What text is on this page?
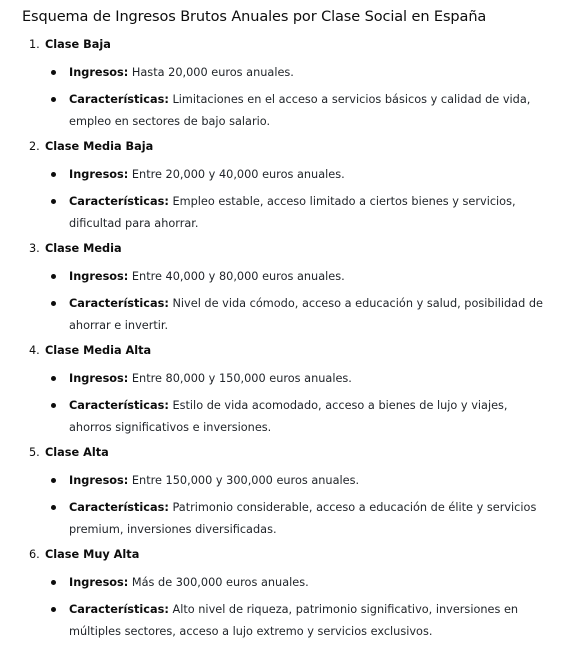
Esquema de Ingresos Brutos Anuales por Clase Social en España
1. Clase Baja
Ingresos: Hasta 20,000 euros anuales.
Características: Limitaciones en el acceso a servicios básicos y calidad de vida, empleo en sectores de bajo salario.
2. Clase Media Baja
Ingresos: Entre 20,000 y 40,000 euros anuales.
Características: Empleo estable, acceso limitado a ciertos bienes y servicios, dificultad para ahorrar.
3. Clase Media
Ingresos: Entre 40,000 y 80,000 euros anuales.
Características: Nivel de vida cómodo, acceso a educación y salud, posibilidad de ahorrar e invertir.
4. Clase Media Alta
Ingresos: Entre 80,000 y 150,000 euros anuales.
Características: Estilo de vida acomodado, acceso a bienes de lujo y viajes, ahorros significativos e inversiones.
5. Clase Alta
Ingresos: Entre 150,000 y 300,000 euros anuales.
Características: Patrimonio considerable, acceso a educación de élite y servicios premium, inversiones diversificadas.
6. Clase Muy Alta
Ingresos: Más de 300,000 euros anuales.
Características: Alto nivel de riqueza, patrimonio significativo, inversiones en múltiples sectores, acceso a lujo extremo y servicios exclusivos.
